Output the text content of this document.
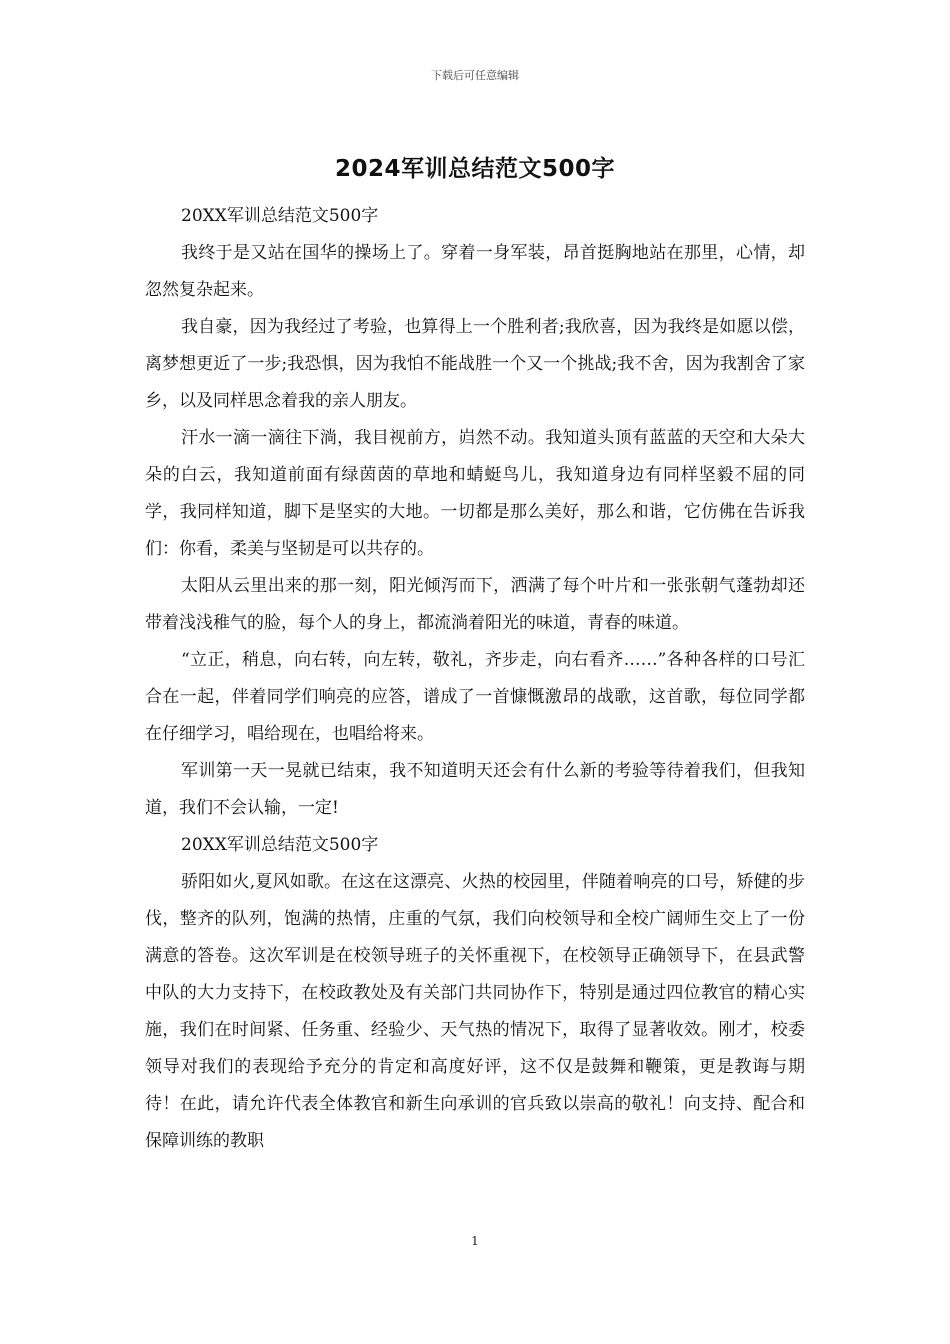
下载后可任意编辑
2024军训总结范文500字

20XX军训总结范文500字

我终于是又站在国华的操场上了。穿着一身军装，昂首挺胸地站在那里，心情，却忽然复杂起来。

我自豪，因为我经过了考验，也算得上一个胜利者;我欣喜，因为我终是如愿以偿，离梦想更近了一步;我恐惧，因为我怕不能战胜一个又一个挑战;我不舍，因为我割舍了家乡，以及同样思念着我的亲人朋友。

汗水一滴一滴往下淌，我目视前方，岿然不动。我知道头顶有蓝蓝的天空和大朵大朵的白云，我知道前面有绿茵茵的草地和蜻蜓鸟儿，我知道身边有同样坚毅不屈的同学，我同样知道，脚下是坚实的大地。一切都是那么美好，那么和谐，它仿佛在告诉我们：你看，柔美与坚韧是可以共存的。

太阳从云里出来的那一刻，阳光倾泻而下，洒满了每个叶片和一张张朝气蓬勃却还带着浅浅稚气的脸，每个人的身上，都流淌着阳光的味道，青春的味道。

“立正，稍息，向右转，向左转，敬礼，齐步走，向右看齐……”各种各样的口号汇合在一起，伴着同学们响亮的应答，谱成了一首慷慨激昂的战歌，这首歌，每位同学都在仔细学习，唱给现在，也唱给将来。

军训第一天一晃就已结束，我不知道明天还会有什么新的考验等待着我们，但我知道，我们不会认输，一定!

20XX军训总结范文500字

骄阳如火,夏风如歌。在这在这漂亮、火热的校园里，伴随着响亮的口号，矫健的步伐，整齐的队列，饱满的热情，庄重的气氛，我们向校领导和全校广阔师生交上了一份满意的答卷。这次军训是在校领导班子的关怀重视下，在校领导正确领导下，在县武警中队的大力支持下，在校政教处及有关部门共同协作下，特别是通过四位教官的精心实施，我们在时间紧、任务重、经验少、天气热的情况下，取得了显著收效。刚才，校委领导对我们的表现给予充分的肯定和高度好评，这不仅是鼓舞和鞭策，更是教诲与期待！在此，请允许代表全体教官和新生向承训的官兵致以崇高的敬礼！向支持、配合和保障训练的教职

1
